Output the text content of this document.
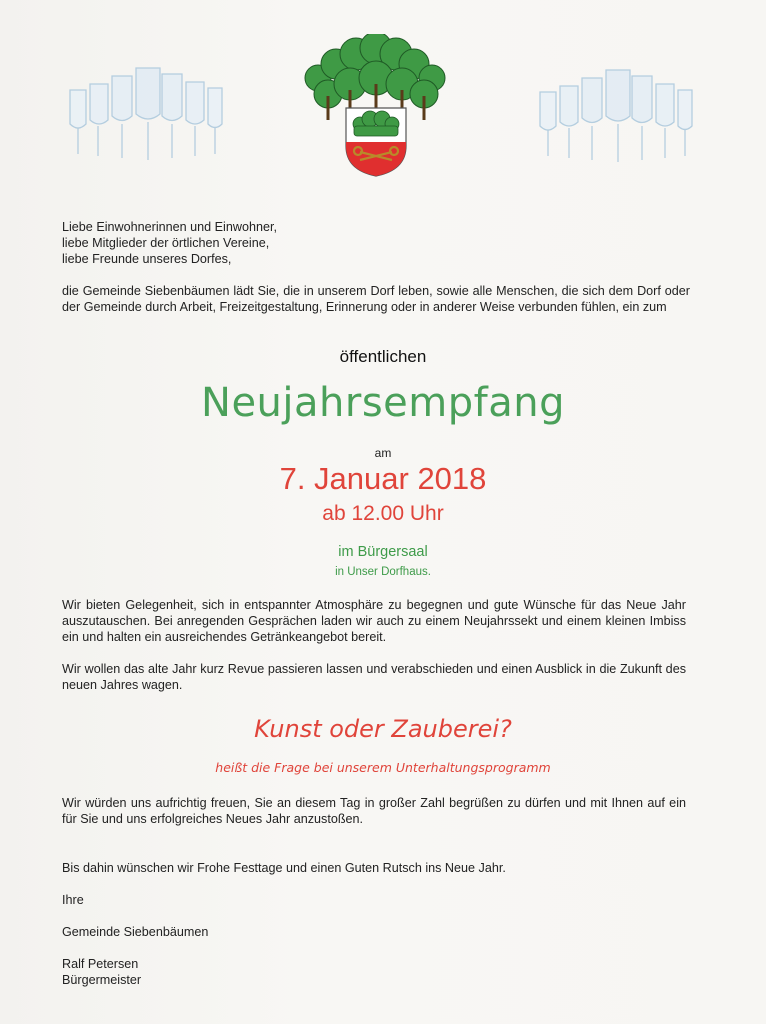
Liebe Einwohnerinnen und Einwohner,
liebe Mitglieder der örtlichen Vereine,
liebe Freunde unseres Dorfes,
die Gemeinde Siebenbäumen lädt Sie, die in unserem Dorf leben, sowie alle Menschen, die sich dem Dorf oder der Gemeinde durch Arbeit, Freizeitgestaltung, Erinnerung oder in anderer Weise verbunden fühlen, ein zum
öffentlichen
Neujahrsempfang
am
7. Januar 2018
ab 12.00 Uhr
im Bürgersaal
in Unser Dorfhaus.
Wir bieten Gelegenheit, sich in entspannter Atmosphäre zu begegnen und gute Wünsche für das Neue Jahr auszutauschen. Bei anregenden Gesprächen laden wir auch zu einem Neujahrssekt und einem kleinen Imbiss ein und halten ein ausreichendes Getränkeangebot bereit.
Wir wollen das alte Jahr kurz Revue passieren lassen und verabschieden und einen Ausblick in die Zukunft des neuen Jahres wagen.
Kunst oder Zauberei?
heißt die Frage bei unserem Unterhaltungsprogramm
Wir würden uns aufrichtig freuen, Sie an diesem Tag in großer Zahl begrüßen zu dürfen und mit Ihnen auf ein für Sie und uns erfolgreiches Neues Jahr anzustoßen.
Bis dahin wünschen wir Frohe Festtage und einen Guten Rutsch ins Neue Jahr.
Ihre
Gemeinde Siebenbäumen
Ralf Petersen
Bürgermeister
